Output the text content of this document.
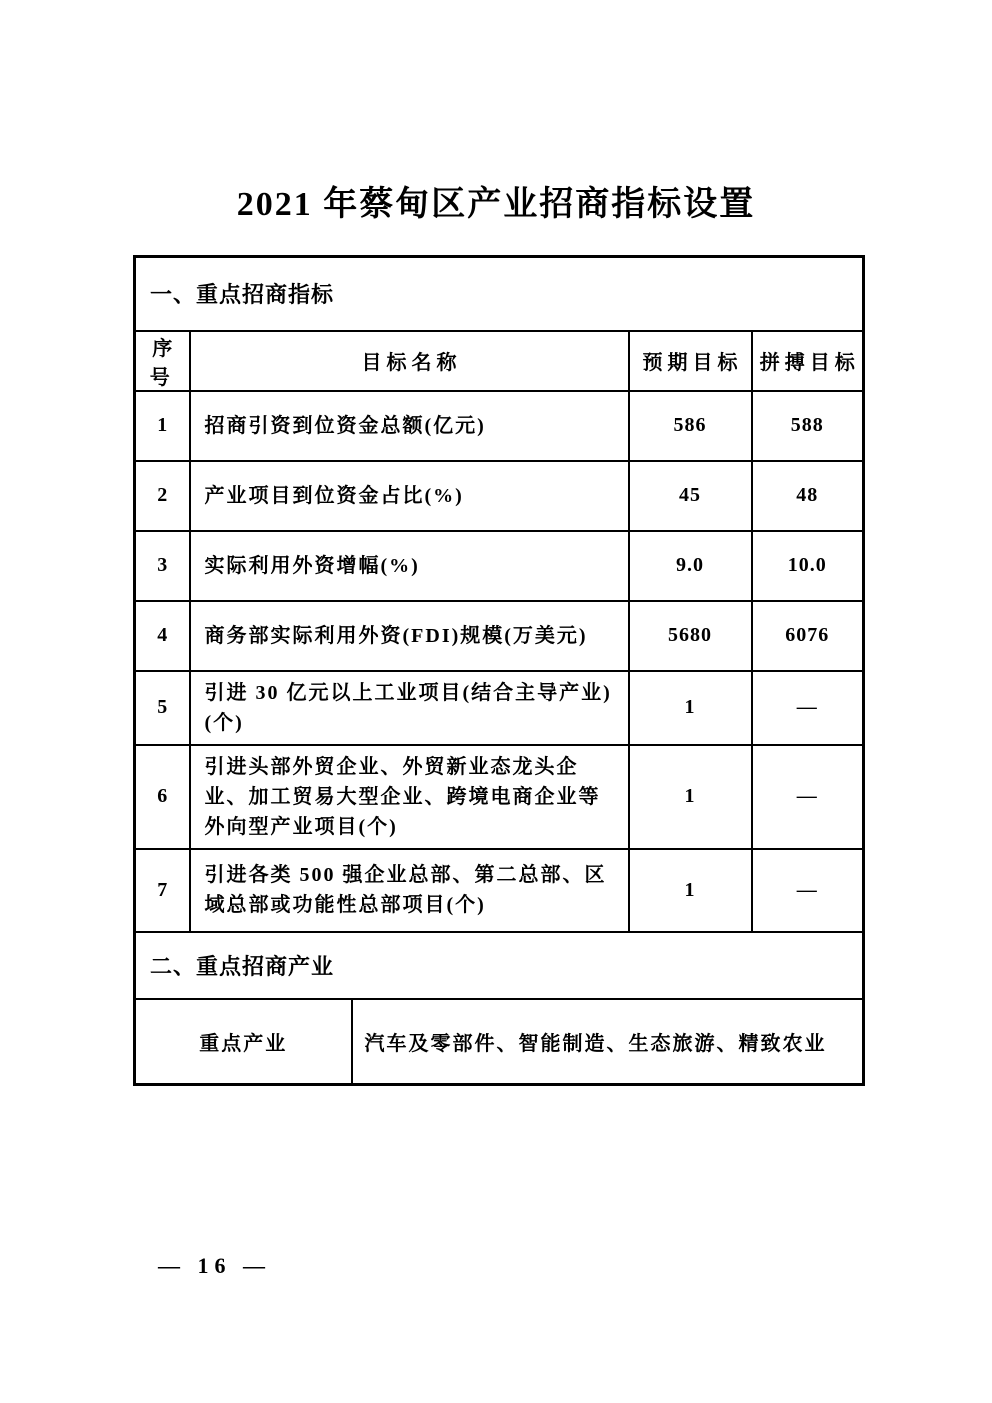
2021 年蔡甸区产业招商指标设置
一、重点招商指标				
序号	目标名称		预期目标	拼搏目标
1	招商引资到位资金总额(亿元)		586	588
2	产业项目到位资金占比(%)		45	48
3	实际利用外资增幅(%)		9.0	10.0
4	商务部实际利用外资(FDI)规模(万美元)		5680	6076
5	引进 30 亿元以上工业项目(结合主导产业)(个)		1	—
6	引进头部外贸企业、外贸新业态龙头企业、加工贸易大型企业、跨境电商企业等外向型产业项目(个)		1	—
7	引进各类 500 强企业总部、第二总部、区域总部或功能性总部项目(个)		1	—
二、重点招商产业				
重点产业		汽车及零部件、智能制造、生态旅游、精致农业		
— 16 —
